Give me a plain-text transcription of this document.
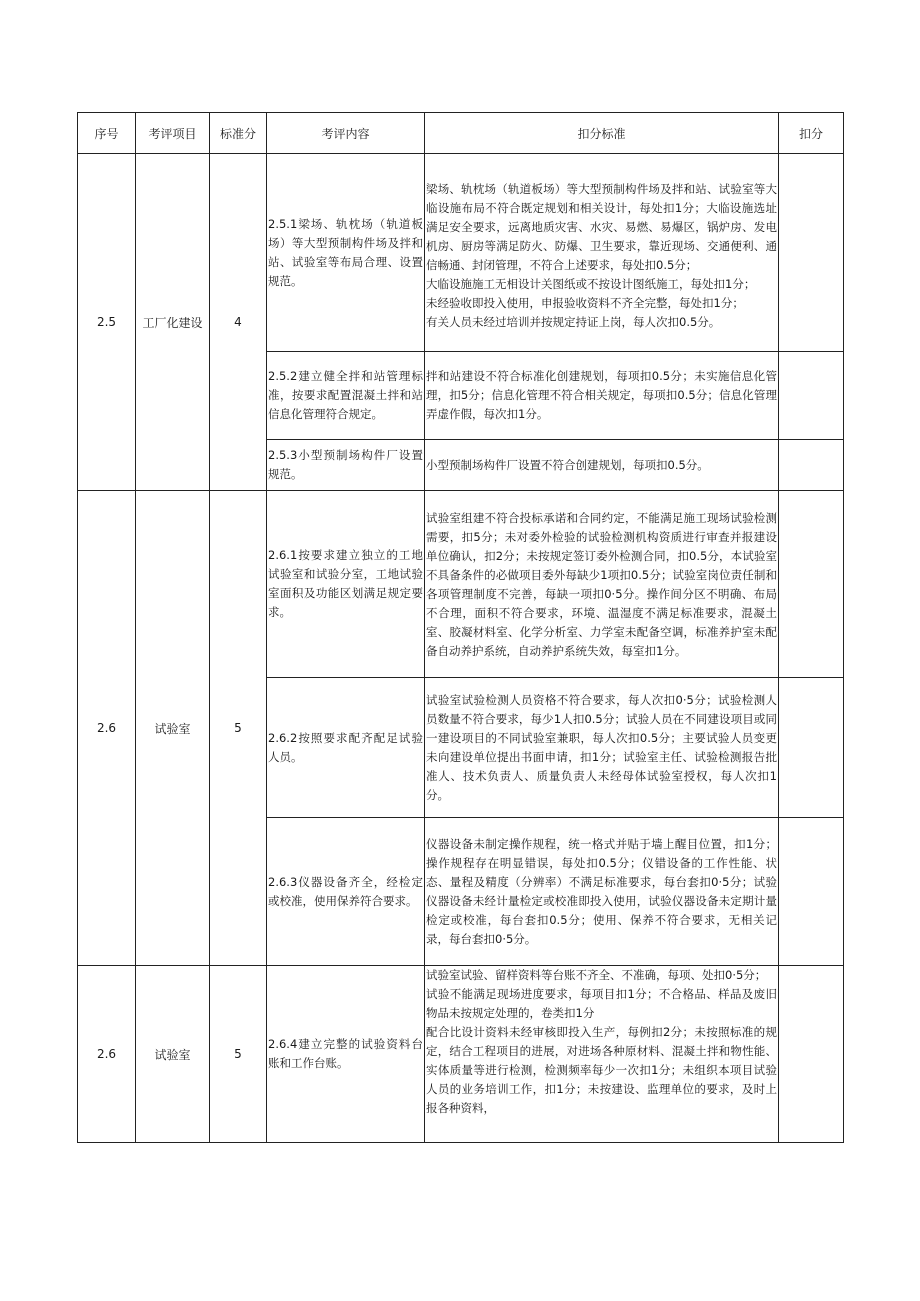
序号	考评项目	标准分	考评内容	扣分标准	扣分
2.5	工厂化建设	4	2.5.1梁场、轨枕场（轨道板场）等大型预制构件场及拌和站、试验室等布局合理、设置规范。	梁场、轨枕场（轨道板场）等大型预制构件场及拌和站、试验室等大临设施布局不符合既定规划和相关设计，每处扣1分；大临设施选址满足安全要求，远离地质灾害、水灾、易燃、易爆区，锅炉房、发电机房、厨房等满足防火、防爆、卫生要求，靠近现场、交通便利、通信畅通、封闭管理，不符合上述要求，每处扣0.5分；
大临设施施工无相设计关图纸或不按设计图纸施工，每处扣1分；
未经验收即投入使用，申报验收资料不齐全完整，每处扣1分；
有关人员未经过培训并按规定持证上岗，每人次扣0.5分。	

			2.5.2建立健全拌和站管理标准，按要求配置混凝土拌和站信息化管理符合规定。	拌和站建设不符合标准化创建规划，每项扣0.5分；未实施信息化管理，扣5分；信息化管理不符合相关规定，每项扣0.5分；信息化管理弄虚作假，每次扣1分。	

			2.5.3小型预制场构件厂设置规范。	小型预制场构件厂设置不符合创建规划，每项扣0.5分。	

2.6	试验室	5	2.6.1按要求建立独立的工地试验室和试验分室，工地试验室面积及功能区划满足规定要求。	试验室组建不符合投标承诺和合同约定，不能满足施工现场试验检测需要，扣5分；未对委外检验的试验检测机构资质进行审查并报建设单位确认，扣2分；未按规定签订委外检测合同，扣0.5分，本试验室不具备条件的必做项目委外每缺少1项扣0.5分；试验室岗位责任制和各项管理制度不完善，每缺一项扣0·5分。操作间分区不明确、布局不合理，面积不符合要求，环境、温湿度不满足标准要求，混凝土室、胶凝材料室、化学分析室、力学室未配备空调，标准养护室未配备自动养护系统，自动养护系统失效，每室扣1分。	

			2.6.2按照要求配齐配足试验人员。	试验室试验检测人员资格不符合要求，每人次扣0·5分；试验检测人员数量不符合要求，每少1人扣0.5分；试验人员在不同建设项目或同一建设项目的不同试验室兼职，每人次扣0.5分；主要试验人员变更未向建设单位提出书面申请，扣1分；试验室主任、试验检测报告批准人、技术负责人、质量负责人未经母体试验室授权，每人次扣1分。	

			2.6.3仪器设备齐全，经检定或校准，使用保养符合要求。	仪器设备未制定操作规程，统一格式并贴于墙上醒目位置，扣1分；操作规程存在明显错误，每处扣0.5分；仪错设备的工作性能、状态、量程及精度（分辨率）不满足标准要求，每台套扣0·5分；试验仪器设备未经计量检定或校准即投入使用，试验仪器设备未定期计量检定或校准，每台套扣0.5分；使用、保养不符合要求，无相关记录，每台套扣0·5分。	

2.6	试验室	5	2.6.4建立完整的试验资料台账和工作台账。	试验室试验、留样资料等台账不齐全、不准确，每项、处扣0·5分；
试验不能满足现场进度要求，每项目扣1分；不合格品、样品及废旧物品未按规定处理的，卷类扣1分
配合比设计资料未经审核即投入生产，每例扣2分；未按照标准的规定，结合工程项目的进展，对进场各种原材料、混凝土拌和物性能、实体质量等进行检测，检测频率每少一次扣1分；未组织本项目试验人员的业务培训工作，扣1分；未按建设、监理单位的要求，及时上报各种资料，	
